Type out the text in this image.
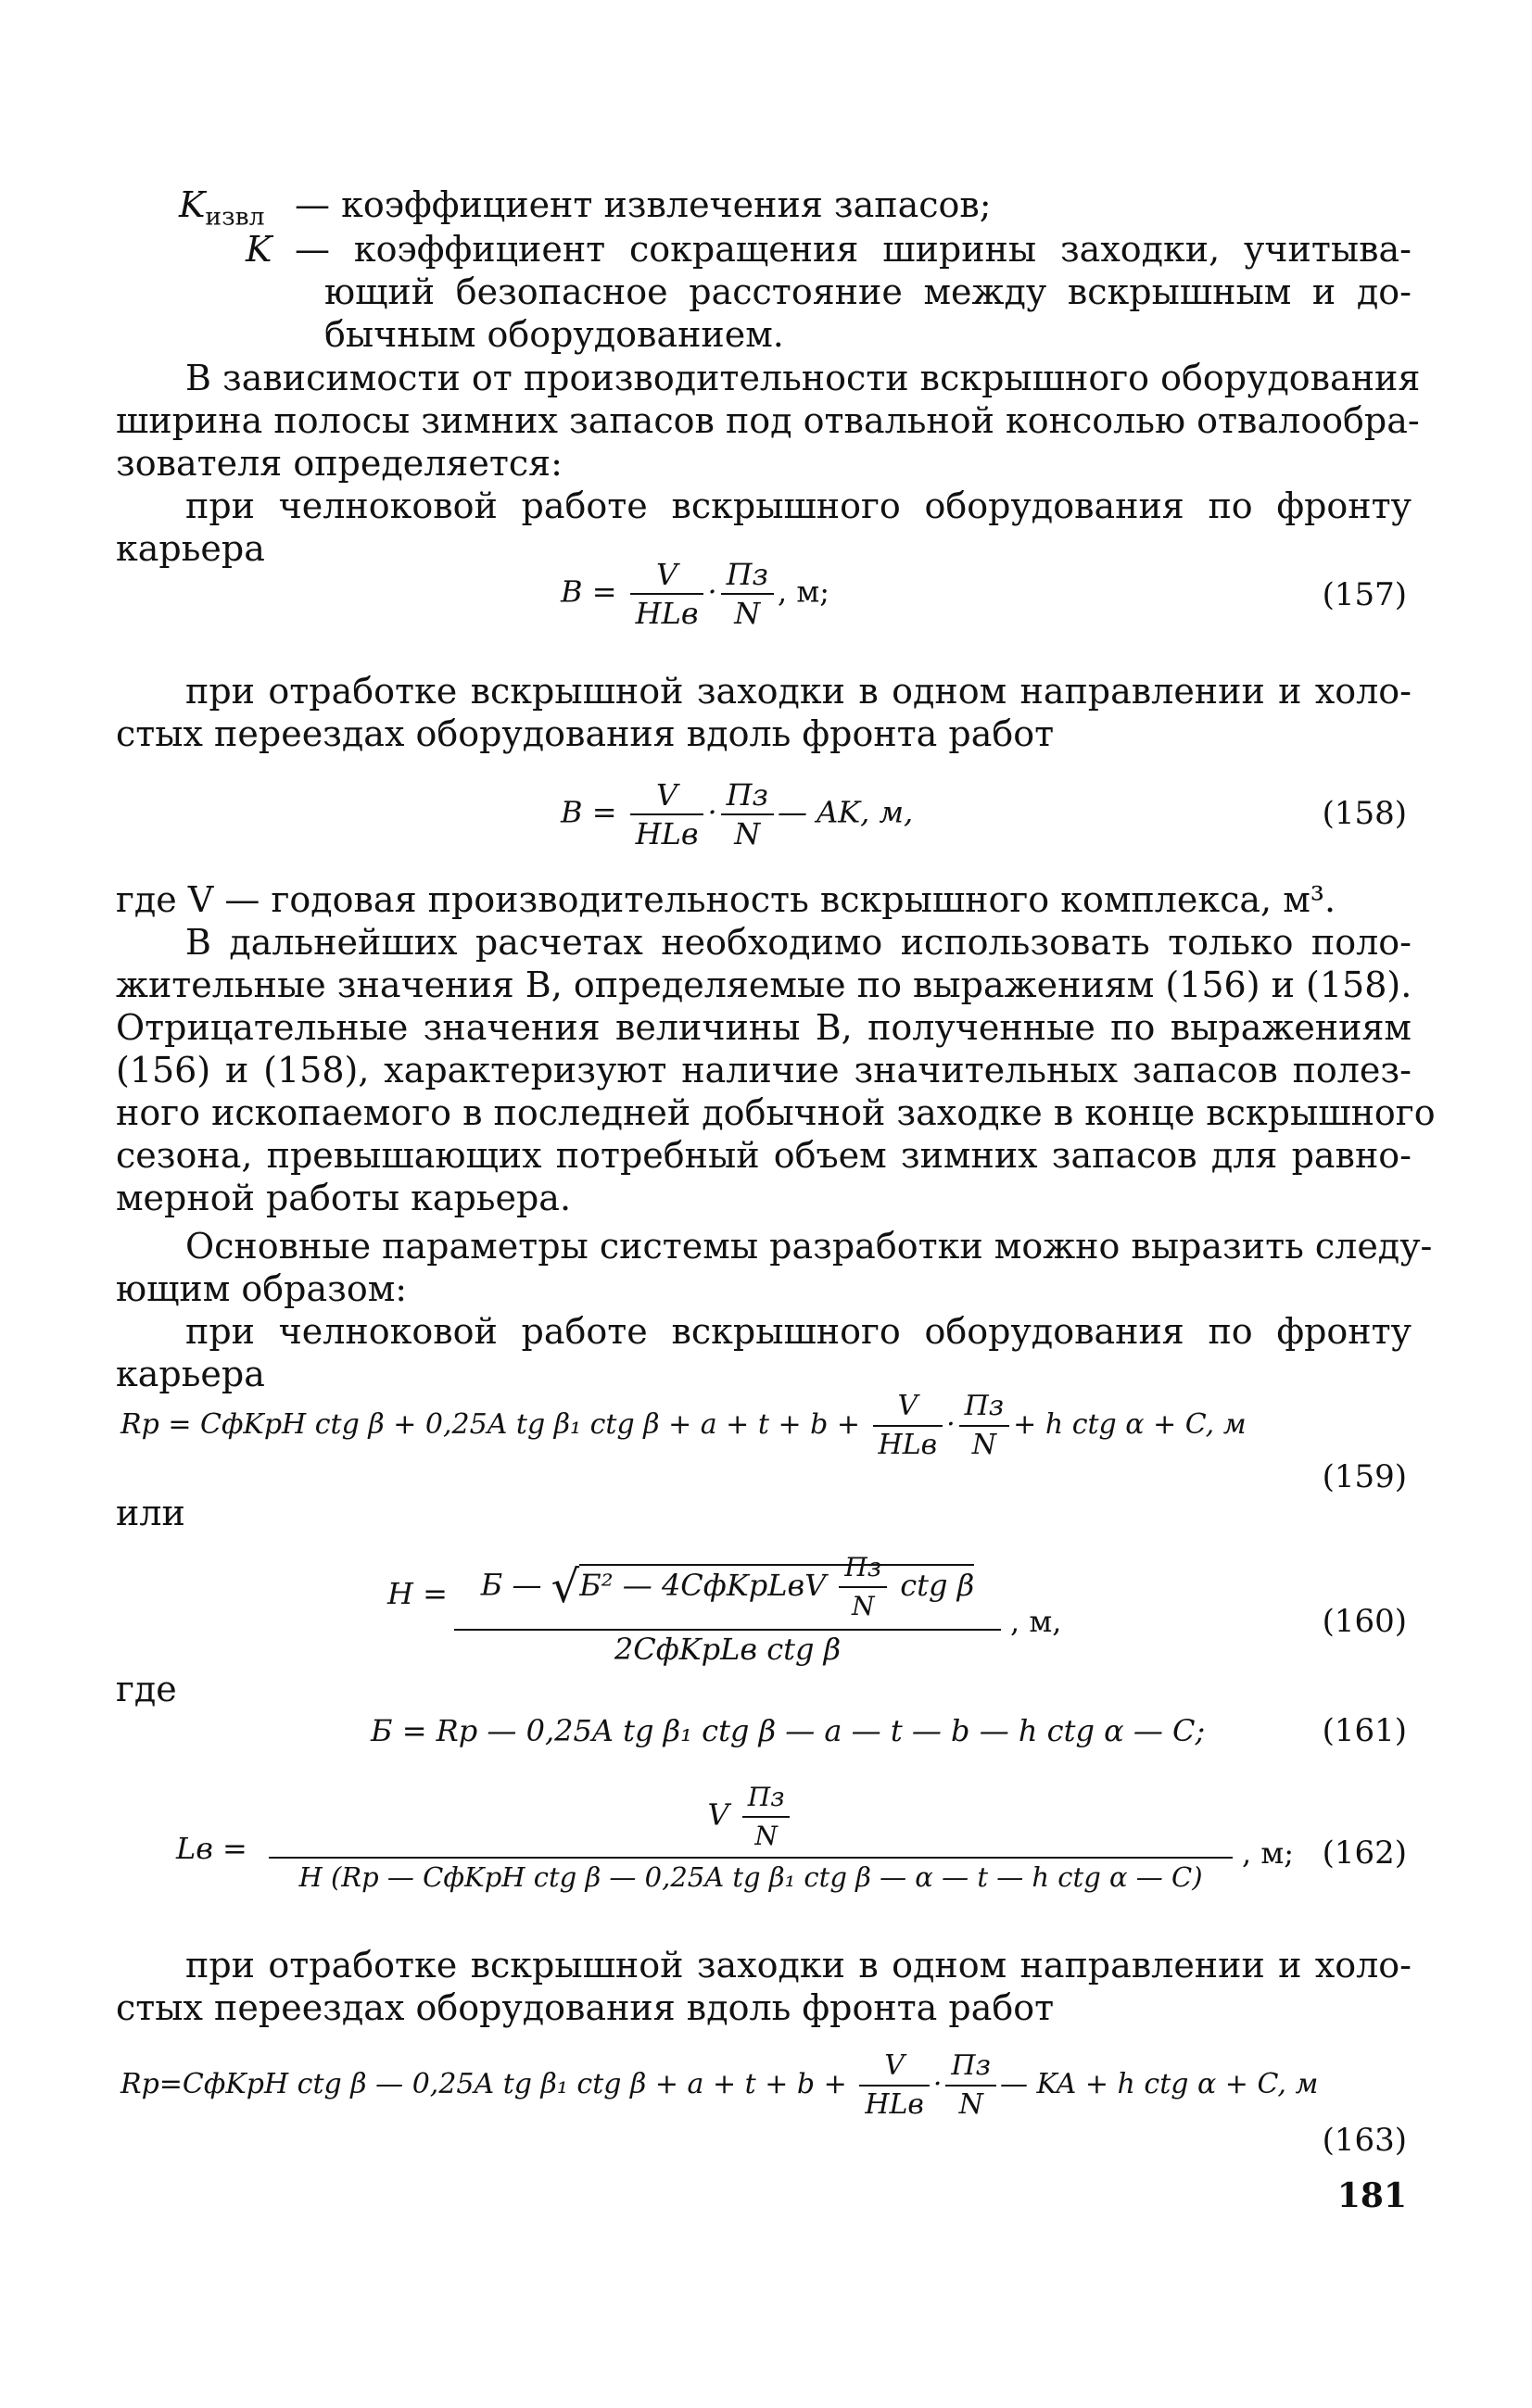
$K_{извл}$ — коэффициент извлечения запасов;
K — коэффициент сокращения ширины заходки, учитыва-
ющий безопасное расстояние между вскрышным и до-
бычным оборудованием.
В зависимости от производительности вскрышного оборудования
ширина полосы зимних запасов под отвальной консолью отвалообра-
зователя определяется:
при челноковой работе вскрышного оборудования по фронту
карьера
$B = \frac{V}{\text{HLв}} \cdot \frac{Пз}{N}$ , м;	(157)
при отработке вскрышной заходки в одном направлении и холо-
стых переездах оборудования вдоль фронта работ
$B = \frac{V}{\text{HLв}} \cdot \frac{Пз}{N}$ — AK, м,	(158)
где V — годовая производительность вскрышного комплекса, м³.
В дальнейших расчетах необходимо использовать только поло-
жительные значения B, определяемые по выражениям (156) и (158).
Отрицательные значения величины B, полученные по выражениям
(156) и (158), характеризуют наличие значительных запасов полез-
ного ископаемого в последней добычной заходке в конце вскрышного
сезона, превышающих потребный объем зимних запасов для равно-
мерной работы карьера.
Основные параметры системы разработки можно выразить следу-
ющим образом:
при челноковой работе вскрышного оборудования по фронту
карьера
Rр = CфKрH ctg β + 0,25A tg β₁ ctg $\beta + a + t + b + \frac{V}{\text{HLв}} \cdot \frac{Пз}{N} + h$ ctg α + C, м
(159)
или
H =	Б — √Б² — 4CфKрLвV $\frac{Пз}{N}$ ctg β
2CфKрLв ctg β
, м,	(160)
где
Б = Rр — 0,25A tg β₁ ctg β — a — t — b — h ctg α — C;	(161)
Lв =
V $\frac{Пз}{N}$
H (Rр — CфKрH ctg β — 0,25A tg β₁ ctg β — α — t — h ctg α — C)
, м; (162)
при отработке вскрышной заходки в одном направлении и холо-
стых переездах оборудования вдоль фронта работ
Rр=CфKрH ctg β — 0,25A tg β₁ ctg $\beta + a + t + b + \frac{V}{\text{HLв}} \cdot \frac{Пз}{N}$ — KA + h ctg α + C, м
(163)
181
